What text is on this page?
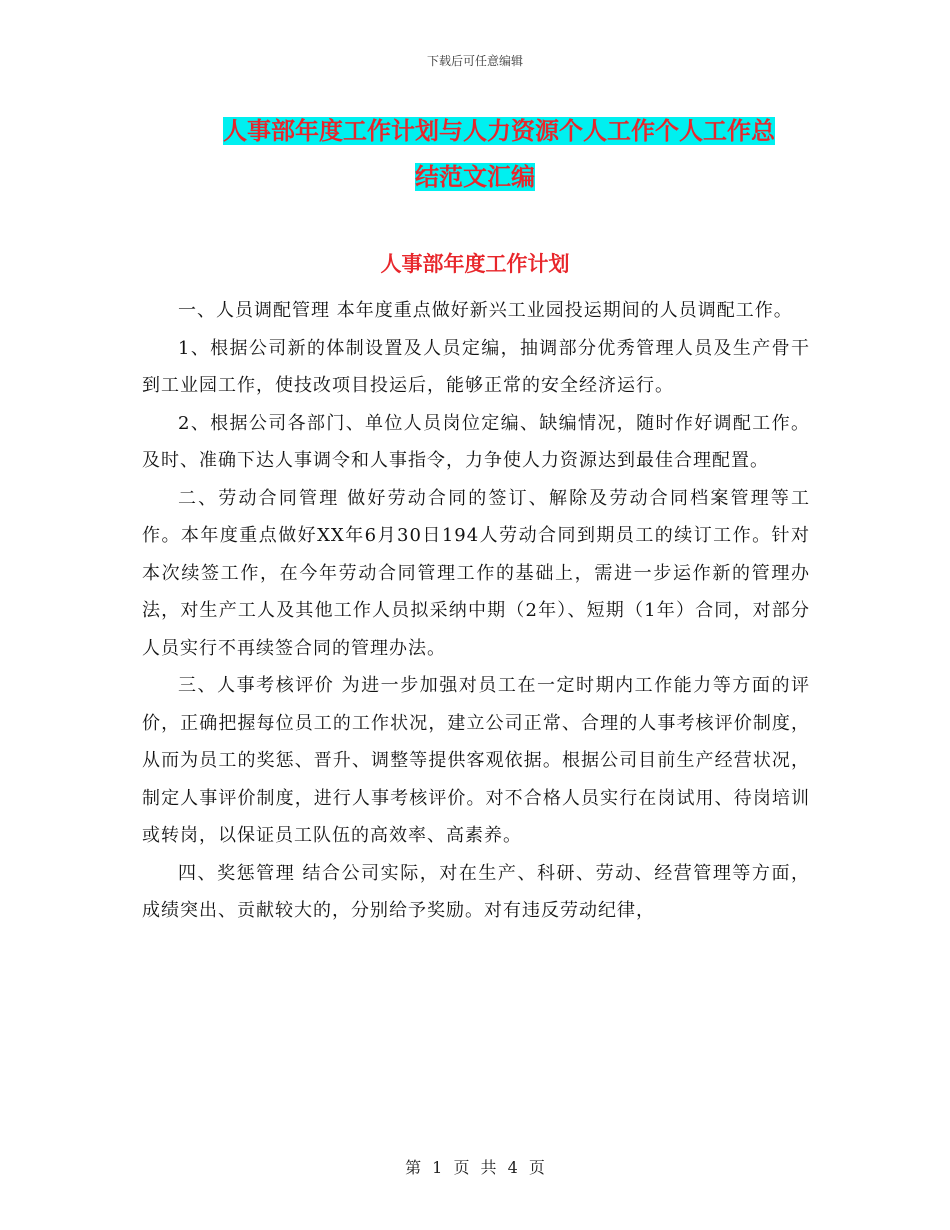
下载后可任意编辑
人事部年度工作计划与人力资源个人工作个人工作总
结范文汇编
人事部年度工作计划

一、人员调配管理 本年度重点做好新兴工业园投运期间的人员调配工作。

1、根据公司新的体制设置及人员定编，抽调部分优秀管理人员及生产骨干到工业园工作，使技改项目投运后，能够正常的安全经济运行。

2、根据公司各部门、单位人员岗位定编、缺编情况，随时作好调配工作。及时、准确下达人事调令和人事指令，力争使人力资源达到最佳合理配置。

二、劳动合同管理 做好劳动合同的签订、解除及劳动合同档案管理等工作。本年度重点做好XX年6月30日194人劳动合同到期员工的续订工作。针对本次续签工作，在今年劳动合同管理工作的基础上，需进一步运作新的管理办法，对生产工人及其他工作人员拟采纳中期（2年）、短期（1年）合同，对部分人员实行不再续签合同的管理办法。

三、人事考核评价 为进一步加强对员工在一定时期内工作能力等方面的评价，正确把握每位员工的工作状况，建立公司正常、合理的人事考核评价制度，从而为员工的奖惩、晋升、调整等提供客观依据。根据公司目前生产经营状况，制定人事评价制度，进行人事考核评价。对不合格人员实行在岗试用、待岗培训或转岗，以保证员工队伍的高效率、高素养。

四、奖惩管理 结合公司实际，对在生产、科研、劳动、经营管理等方面，成绩突出、贡献较大的，分别给予奖励。对有违反劳动纪律，

第 1 页 共 4 页
